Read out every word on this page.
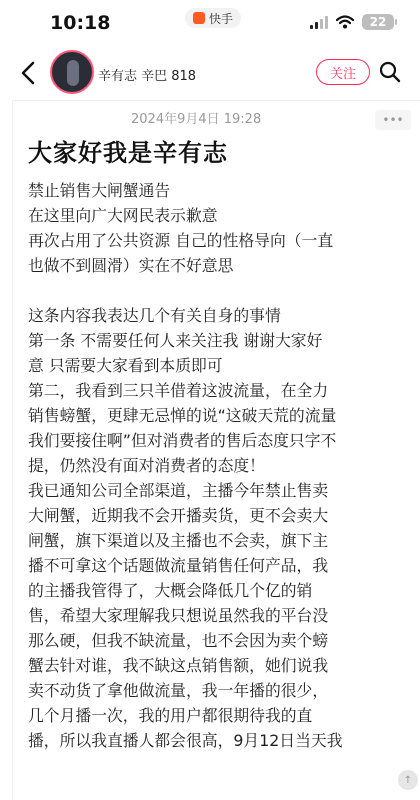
10:18	快手	22
辛有志 辛巴 818	关注
2024年9月4日 19:28	•••
大家好我是辛有志

禁止销售大闸蟹通告

在这里向广大网民表示歉意

再次占用了公共资源 自己的性格导向（一直

也做不到圆滑）实在不好意思

这条内容我表达几个有关自身的事情

第一条 不需要任何人来关注我 谢谢大家好

意 只需要大家看到本质即可

第二，我看到三只羊借着这波流量，在全力

销售螃蟹，更肆无忌惮的说“这破天荒的流量

我们要接住啊”但对消费者的售后态度只字不

提，仍然没有面对消费者的态度！

我已通知公司全部渠道，主播今年禁止售卖

大闸蟹，近期我不会开播卖货，更不会卖大

闸蟹，旗下渠道以及主播也不会卖，旗下主

播不可拿这个话题做流量销售任何产品，我

的主播我管得了，大概会降低几个亿的销

售，希望大家理解我只想说虽然我的平台没

那么硬，但我不缺流量，也不会因为卖个螃

蟹去针对谁，我不缺这点销售额，她们说我

卖不动货了拿他做流量，我一年播的很少，

几个月播一次，我的用户都很期待我的直

播，所以我直播人都会很高，9月12日当天我

↑
